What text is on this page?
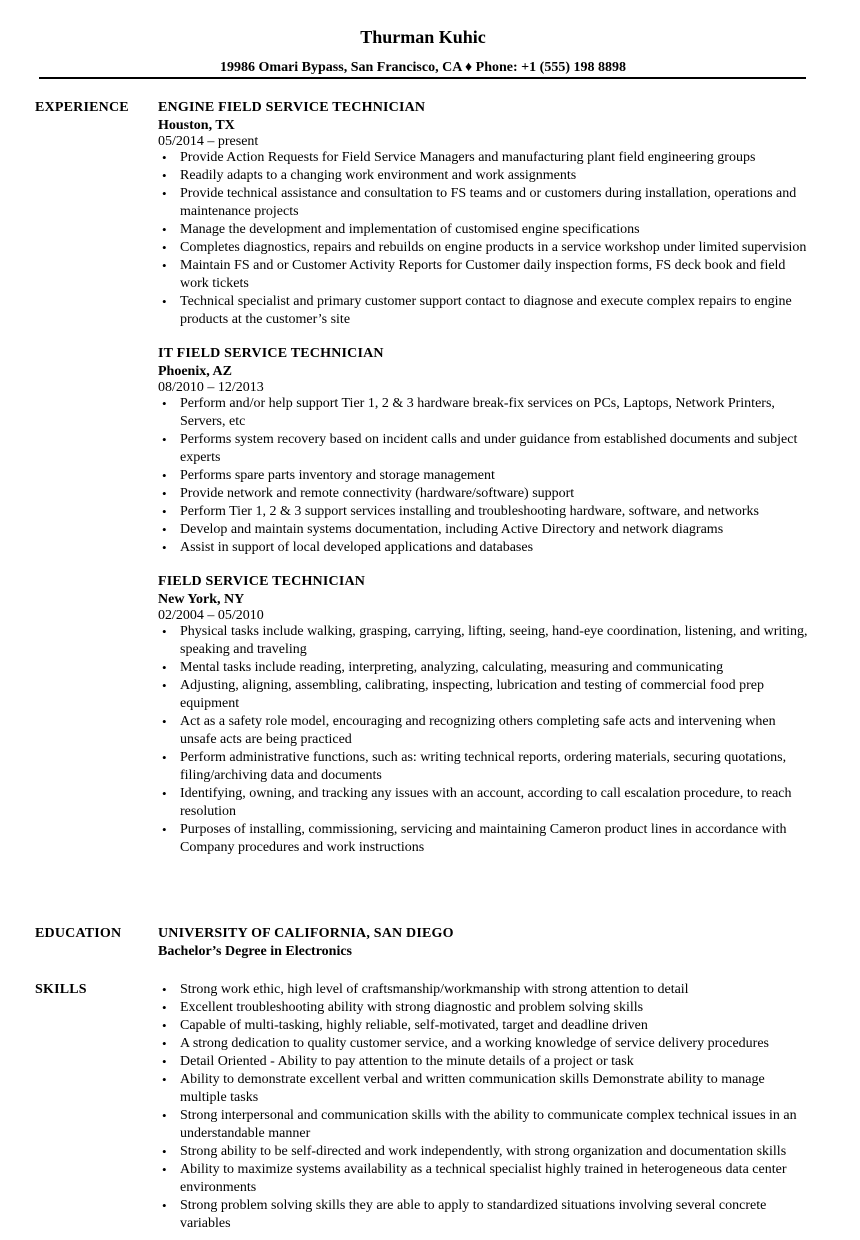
Thurman Kuhic
19986 Omari Bypass, San Francisco, CA ♦ Phone: +1 (555) 198 8898
EXPERIENCE	ENGINE FIELD SERVICE TECHNICIAN
Houston, TX
05/2014 – present
• Provide Action Requests for Field Service Managers and manufacturing plant field engineering groups
• Readily adapts to a changing work environment and work assignments
• Provide technical assistance and consultation to FS teams and or customers during installation, operations and maintenance projects
• Manage the development and implementation of customised engine specifications
• Completes diagnostics, repairs and rebuilds on engine products in a service workshop under limited supervision
• Maintain FS and or Customer Activity Reports for Customer daily inspection forms, FS deck book and field work tickets
• Technical specialist and primary customer support contact to diagnose and execute complex repairs to engine products at the customer’s site
IT FIELD SERVICE TECHNICIAN
Phoenix, AZ
08/2010 – 12/2013
• Perform and/or help support Tier 1, 2 & 3 hardware break-fix services on PCs, Laptops, Network Printers, Servers, etc
• Performs system recovery based on incident calls and under guidance from established documents and subject experts
• Performs spare parts inventory and storage management
• Provide network and remote connectivity (hardware/software) support
• Perform Tier 1, 2 & 3 support services installing and troubleshooting hardware, software, and networks
• Develop and maintain systems documentation, including Active Directory and network diagrams
• Assist in support of local developed applications and databases
FIELD SERVICE TECHNICIAN
New York, NY
02/2004 – 05/2010
• Physical tasks include walking, grasping, carrying, lifting, seeing, hand-eye coordination, listening, and writing, speaking and traveling
• Mental tasks include reading, interpreting, analyzing, calculating, measuring and communicating
• Adjusting, aligning, assembling, calibrating, inspecting, lubrication and testing of commercial food prep equipment
• Act as a safety role model, encouraging and recognizing others completing safe acts and intervening when unsafe acts are being practiced
• Perform administrative functions, such as: writing technical reports, ordering materials, securing quotations, filing/archiving data and documents
• Identifying, owning, and tracking any issues with an account, according to call escalation procedure, to reach resolution
• Purposes of installing, commissioning, servicing and maintaining Cameron product lines in accordance with Company procedures and work instructions
EDUCATION	UNIVERSITY OF CALIFORNIA, SAN DIEGO
Bachelor’s Degree in Electronics
SKILLS	• Strong work ethic, high level of craftsmanship/workmanship with strong attention to detail
• Excellent troubleshooting ability with strong diagnostic and problem solving skills
• Capable of multi-tasking, highly reliable, self-motivated, target and deadline driven
• A strong dedication to quality customer service, and a working knowledge of service delivery procedures
• Detail Oriented - Ability to pay attention to the minute details of a project or task
• Ability to demonstrate excellent verbal and written communication skills Demonstrate ability to manage multiple tasks
• Strong interpersonal and communication skills with the ability to communicate complex technical issues in an understandable manner
• Strong ability to be self-directed and work independently, with strong organization and documentation skills
• Ability to maximize systems availability as a technical specialist highly trained in heterogeneous data center environments
• Strong problem solving skills they are able to apply to standardized situations involving several concrete variables
